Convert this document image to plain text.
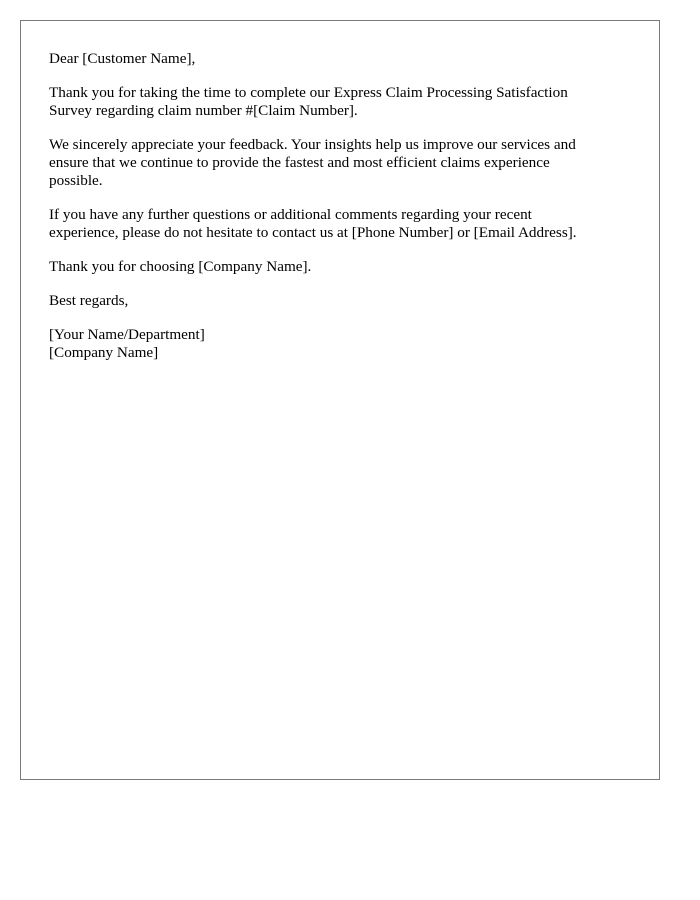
Dear [Customer Name],

Thank you for taking the time to complete our Express Claim Processing Satisfaction
Survey regarding claim number #[Claim Number].

We sincerely appreciate your feedback. Your insights help us improve our services and
ensure that we continue to provide the fastest and most efficient claims experience
possible.

If you have any further questions or additional comments regarding your recent
experience, please do not hesitate to contact us at [Phone Number] or [Email Address].

Thank you for choosing [Company Name].

Best regards,

[Your Name/Department]
[Company Name]
